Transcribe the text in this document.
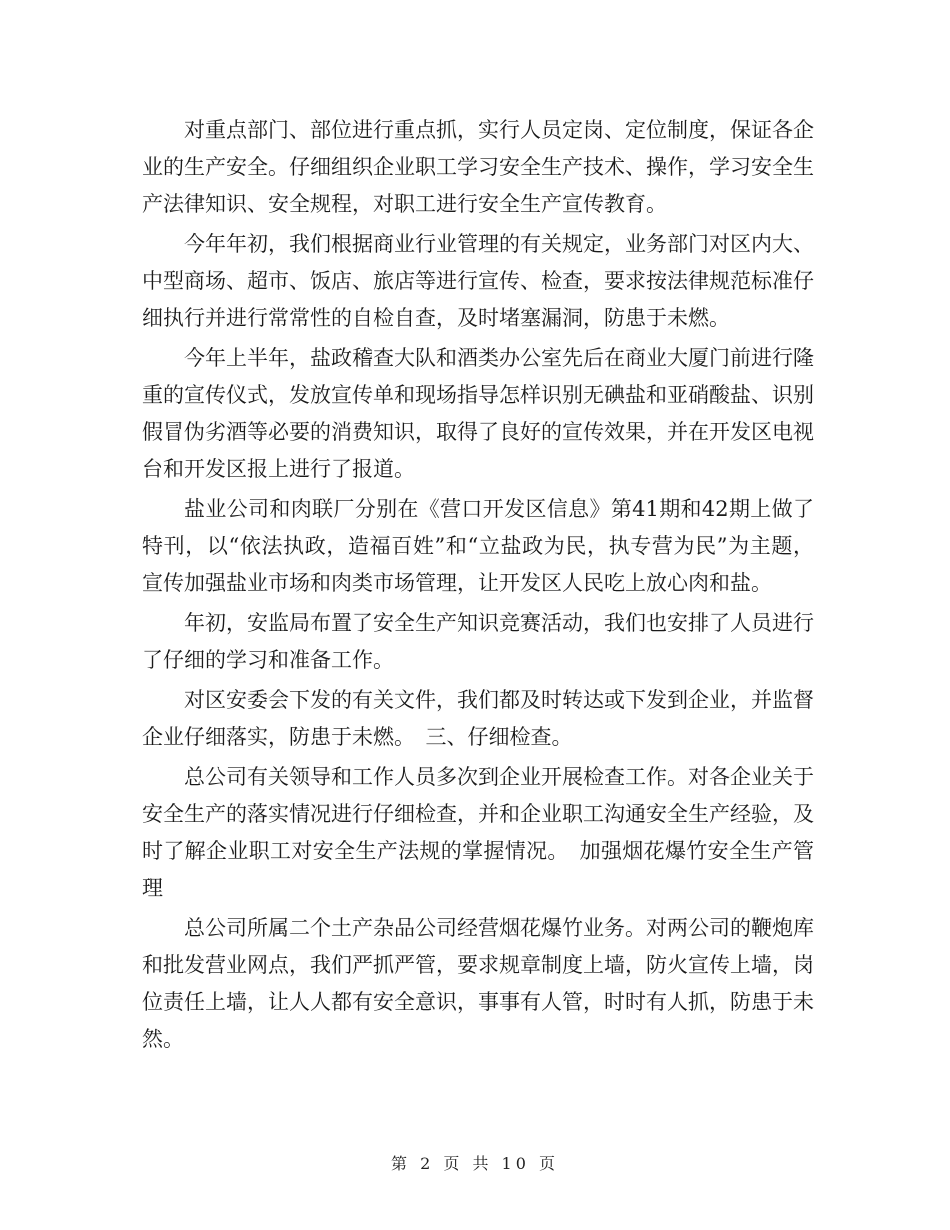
对重点部门、部位进行重点抓，实行人员定岗、定位制度，保证各企业的生产安全。仔细组织企业职工学习安全生产技术、操作，学习安全生产法律知识、安全规程，对职工进行安全生产宣传教育。

今年年初，我们根据商业行业管理的有关规定，业务部门对区内大、中型商场、超市、饭店、旅店等进行宣传、检查，要求按法律规范标准仔细执行并进行常常性的自检自查，及时堵塞漏洞，防患于未燃。

今年上半年，盐政稽查大队和酒类办公室先后在商业大厦门前进行隆重的宣传仪式，发放宣传单和现场指导怎样识别无碘盐和亚硝酸盐、识别假冒伪劣酒等必要的消费知识，取得了良好的宣传效果，并在开发区电视台和开发区报上进行了报道。

盐业公司和肉联厂分别在《营口开发区信息》第41期和42期上做了特刊，以“依法执政，造福百姓”和“立盐政为民，执专营为民”为主题，宣传加强盐业市场和肉类市场管理，让开发区人民吃上放心肉和盐。

年初，安监局布置了安全生产知识竞赛活动，我们也安排了人员进行了仔细的学习和准备工作。

对区安委会下发的有关文件，我们都及时转达或下发到企业，并监督企业仔细落实，防患于未燃。　三、仔细检查。

总公司有关领导和工作人员多次到企业开展检查工作。对各企业关于安全生产的落实情况进行仔细检查，并和企业职工沟通安全生产经验，及时了解企业职工对安全生产法规的掌握情况。　加强烟花爆竹安全生产管理

总公司所属二个土产杂品公司经营烟花爆竹业务。对两公司的鞭炮库和批发营业网点，我们严抓严管，要求规章制度上墙，防火宣传上墙，岗位责任上墙，让人人都有安全意识，事事有人管，时时有人抓，防患于未然。

第 2 页 共 10 页
